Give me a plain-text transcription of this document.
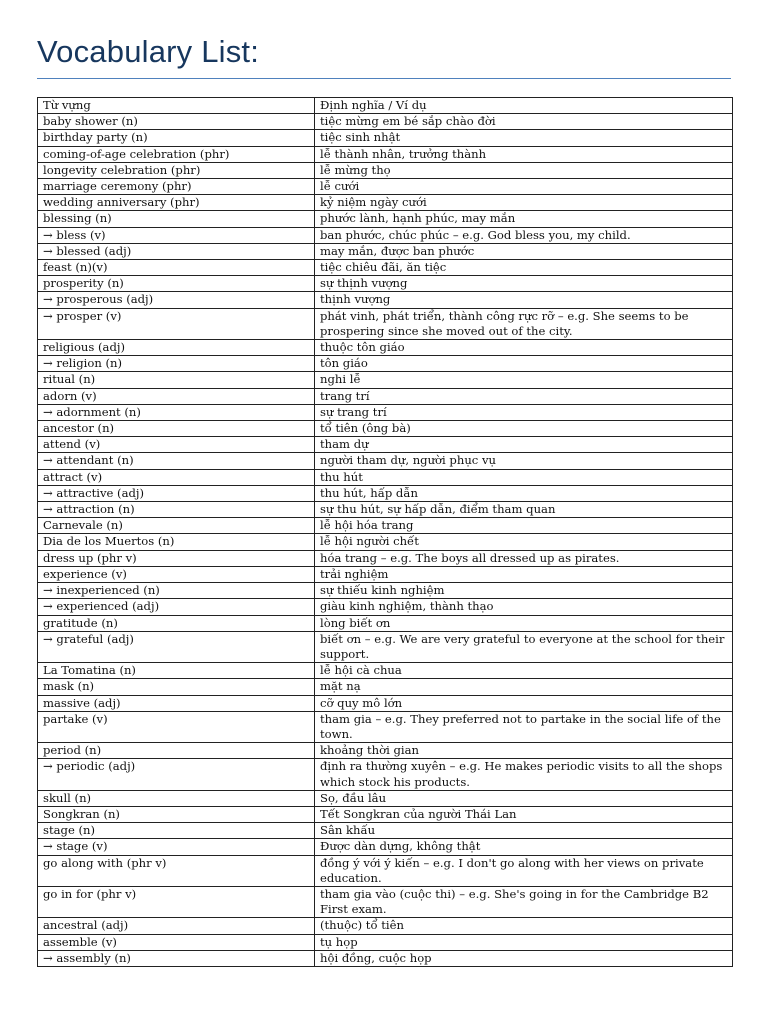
Vocabulary List:
Từ vựng	Định nghĩa / Ví dụ
baby shower (n)	tiệc mừng em bé sắp chào đời
birthday party (n)	tiệc sinh nhật
coming-of-age celebration (phr)	lễ thành nhân, trưởng thành
longevity celebration (phr)	lễ mừng thọ
marriage ceremony (phr)	lễ cưới
wedding anniversary (phr)	kỷ niệm ngày cưới
blessing (n)	phước lành, hạnh phúc, may mắn
→ bless (v)	ban phước, chúc phúc – e.g. God bless you, my child.
→ blessed (adj)	may mắn, được ban phước
feast (n)(v)	tiệc chiêu đãi, ăn tiệc
prosperity (n)	sự thịnh vượng
→ prosperous (adj)	thịnh vượng
→ prosper (v)	phát vinh, phát triển, thành công rực rỡ – e.g. She seems to be prospering since she moved out of the city.
religious (adj)	thuộc tôn giáo
→ religion (n)	tôn giáo
ritual (n)	nghi lễ
adorn (v)	trang trí
→ adornment (n)	sự trang trí
ancestor (n)	tổ tiên (ông bà)
attend (v)	tham dự
→ attendant (n)	người tham dự, người phục vụ
attract (v)	thu hút
→ attractive (adj)	thu hút, hấp dẫn
→ attraction (n)	sự thu hút, sự hấp dẫn, điểm tham quan
Carnevale (n)	lễ hội hóa trang
Dia de los Muertos (n)	lễ hội người chết
dress up (phr v)	hóa trang – e.g. The boys all dressed up as pirates.
experience (v)	trải nghiệm
→ inexperienced (n)	sự thiếu kinh nghiệm
→ experienced (adj)	giàu kinh nghiệm, thành thạo
gratitude (n)	lòng biết ơn
→ grateful (adj)	biết ơn – e.g. We are very grateful to everyone at the school for their support.
La Tomatina (n)	lễ hội cà chua
mask (n)	mặt nạ
massive (adj)	cỡ quy mô lớn
partake (v)	tham gia – e.g. They preferred not to partake in the social life of the town.
period (n)	khoảng thời gian
→ periodic (adj)	định ra thường xuyên – e.g. He makes periodic visits to all the shops which stock his products.
skull (n)	Sọ, đầu lâu
Songkran (n)	Tết Songkran của người Thái Lan
stage (n)	Sân khấu
→ stage (v)	Được dàn dựng, không thật
go along with (phr v)	đồng ý với ý kiến – e.g. I don't go along with her views on private education.
go in for (phr v)	tham gia vào (cuộc thi) – e.g. She's going in for the Cambridge B2 First exam.
ancestral (adj)	(thuộc) tổ tiên
assemble (v)	tụ họp
→ assembly (n)	hội đồng, cuộc họp
